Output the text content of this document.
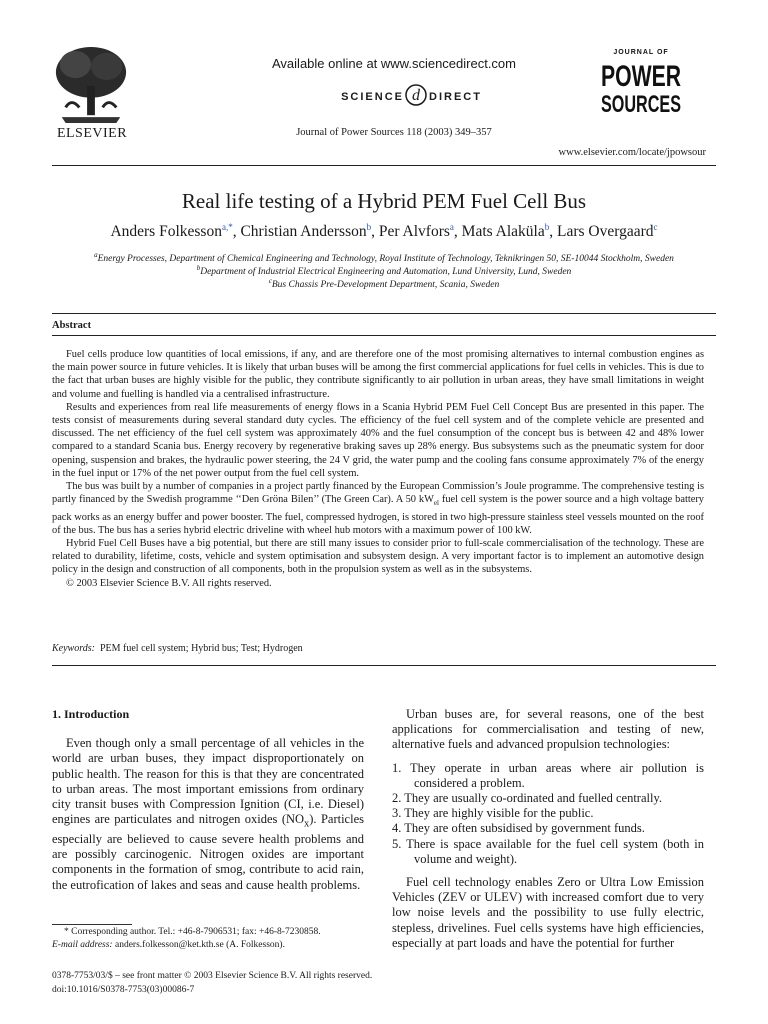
ELSEVIER
Available online at www.sciencedirect.com
SCIENCE d DIRECT
Journal of Power Sources 118 (2003) 349–357
JOURNAL OF
POWER
SOURCES
www.elsevier.com/locate/jpowsour
Real life testing of a Hybrid PEM Fuel Cell Bus
Anders Folkesson$^{a,*}$, Christian Andersson$^b$, Per Alvfors$^a$, Mats Alaküla$^b$, Lars Overgaard$^c$
$^a$Energy Processes, Department of Chemical Engineering and Technology, Royal Institute of Technology, Teknikringen 50, SE-10044 Stockholm, Sweden
$^b$Department of Industrial Electrical Engineering and Automation, Lund University, Lund, Sweden
$^c$Bus Chassis Pre-Development Department, Scania, Sweden
Abstract

Fuel cells produce low quantities of local emissions, if any, and are therefore one of the most promising alternatives to internal combustion engines as the main power source in future vehicles. It is likely that urban buses will be among the first commercial applications for fuel cells in vehicles. This is due to the fact that urban buses are highly visible for the public, they contribute significantly to air pollution in urban areas, they have small limitations in weight and volume and fuelling is handled via a centralised infrastructure.

Results and experiences from real life measurements of energy flows in a Scania Hybrid PEM Fuel Cell Concept Bus are presented in this paper. The tests consist of measurements during several standard duty cycles. The efficiency of the fuel cell system and of the complete vehicle are presented and discussed. The net efficiency of the fuel cell system was approximately 40% and the fuel consumption of the concept bus is between 42 and 48% lower compared to a standard Scania bus. Energy recovery by regenerative braking saves up 28% energy. Bus subsystems such as the pneumatic system for door opening, suspension and brakes, the hydraulic power steering, the 24 V grid, the water pump and the cooling fans consume approximately 7% of the energy in the fuel input or 17% of the net power output from the fuel cell system.

The bus was built by a number of companies in a project partly financed by the European Commission’s Joule programme. The comprehensive testing is partly financed by the Swedish programme ‘‘Den Gröna Bilen’’ (The Green Car). A 50 $kW_{el}$ fuel cell system is the power source and a high voltage battery pack works as an energy buffer and power booster. The fuel, compressed hydrogen, is stored in two high-pressure stainless steel vessels mounted on the roof of the bus. The bus has a series hybrid electric driveline with wheel hub motors with a maximum power of 100 kW.

Hybrid Fuel Cell Buses have a big potential, but there are still many issues to consider prior to full-scale commercialisation of the technology. These are related to durability, lifetime, costs, vehicle and system optimisation and subsystem design. A very important factor is to implement an automotive design policy in the design and construction of all components, both in the propulsion system as well as in the subsystems.

© 2003 Elsevier Science B.V. All rights reserved.

Keywords: PEM fuel cell system; Hybrid bus; Test; Hydrogen
1. Introduction

Even though only a small percentage of all vehicles in the world are urban buses, they impact disproportionately on public health. The reason for this is that they are concentrated to urban areas. The most important emissions from ordinary city transit buses with Compression Ignition (CI, i.e. Diesel) engines are particulates and nitrogen oxides $(NO_x)$. Particles especially are believed to cause severe health problems and are possibly carcinogenic. Nitrogen oxides are important components in the formation of smog, contribute to acid rain, the eutrofication of lakes and seas and cause health problems.

* Corresponding author. Tel.: +46-8-7906531; fax: +46-8-7230858.
E-mail address: anders.folkesson@ket.kth.se (A. Folkesson).
0378-7753/03/$ – see front matter © 2003 Elsevier Science B.V. All rights reserved.
doi:10.1016/S0378-7753(03)00086-7

Urban buses are, for several reasons, one of the best applications for commercialisation and testing of new, alternative fuels and advanced propulsion technologies:

1. They operate in urban areas where air pollution is considered a problem.
2. They are usually co-ordinated and fuelled centrally.
3. They are highly visible for the public.
4. They are often subsidised by government funds.
5. There is space available for the fuel cell system (both in volume and weight).

Fuel cell technology enables Zero or Ultra Low Emission Vehicles (ZEV or ULEV) with increased comfort due to very low noise levels and the possibility to use fully electric, stepless, drivelines. Fuel cells systems have high efficiencies, especially at part loads and have the potential for further
